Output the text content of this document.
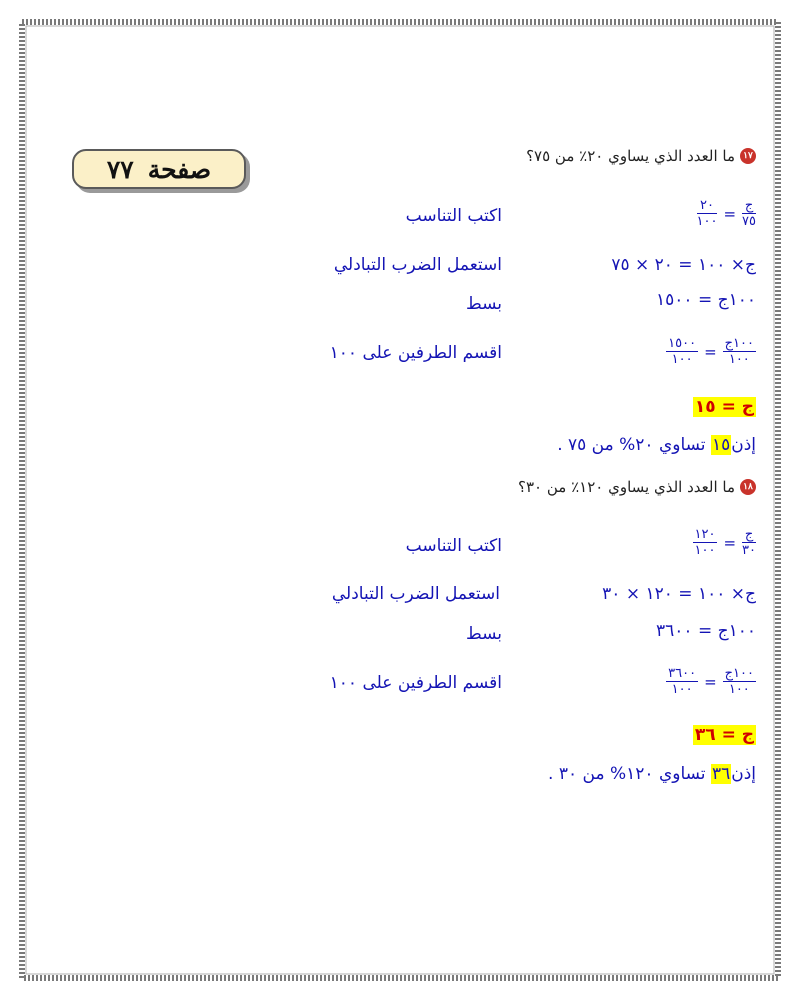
صفحة
٧٧	١٧
ما العدد الذي يساوي ٢٠٪ من ٧٥؟
$\frac{\text{ج}}{٧٥}$
=
$\frac{٢٠}{١٠٠}$
اكتب التناسب
ج× ١٠٠ = ٢٠ × ٧٥
استعمل الضرب التبادلي
١٠٠ج = ١٥٠٠
بسط
$\frac{\text{١٠٠ج}}{١٠٠}$
=
$\frac{١٥٠٠}{١٠٠}$
اقسم الطرفين على ١٠٠
ج = ١٥
إذن١٥ تساوي ٢٠% من ٧٥ .
١٨
ما العدد الذي يساوي ١٢٠٪ من ٣٠؟
$\frac{\text{ج}}{٣٠}$
=
$\frac{١٢٠}{١٠٠}$
اكتب التناسب
ج× ١٠٠ = ١٢٠ × ٣٠
استعمل الضرب التبادلي
١٠٠ج = ٣٦٠٠
بسط
$\frac{\text{١٠٠ج}}{١٠٠}$
=
$\frac{٣٦٠٠}{١٠٠}$
اقسم الطرفين على ١٠٠
ج = ٣٦
إذن٣٦ تساوي ١٢٠% من ٣٠ .
